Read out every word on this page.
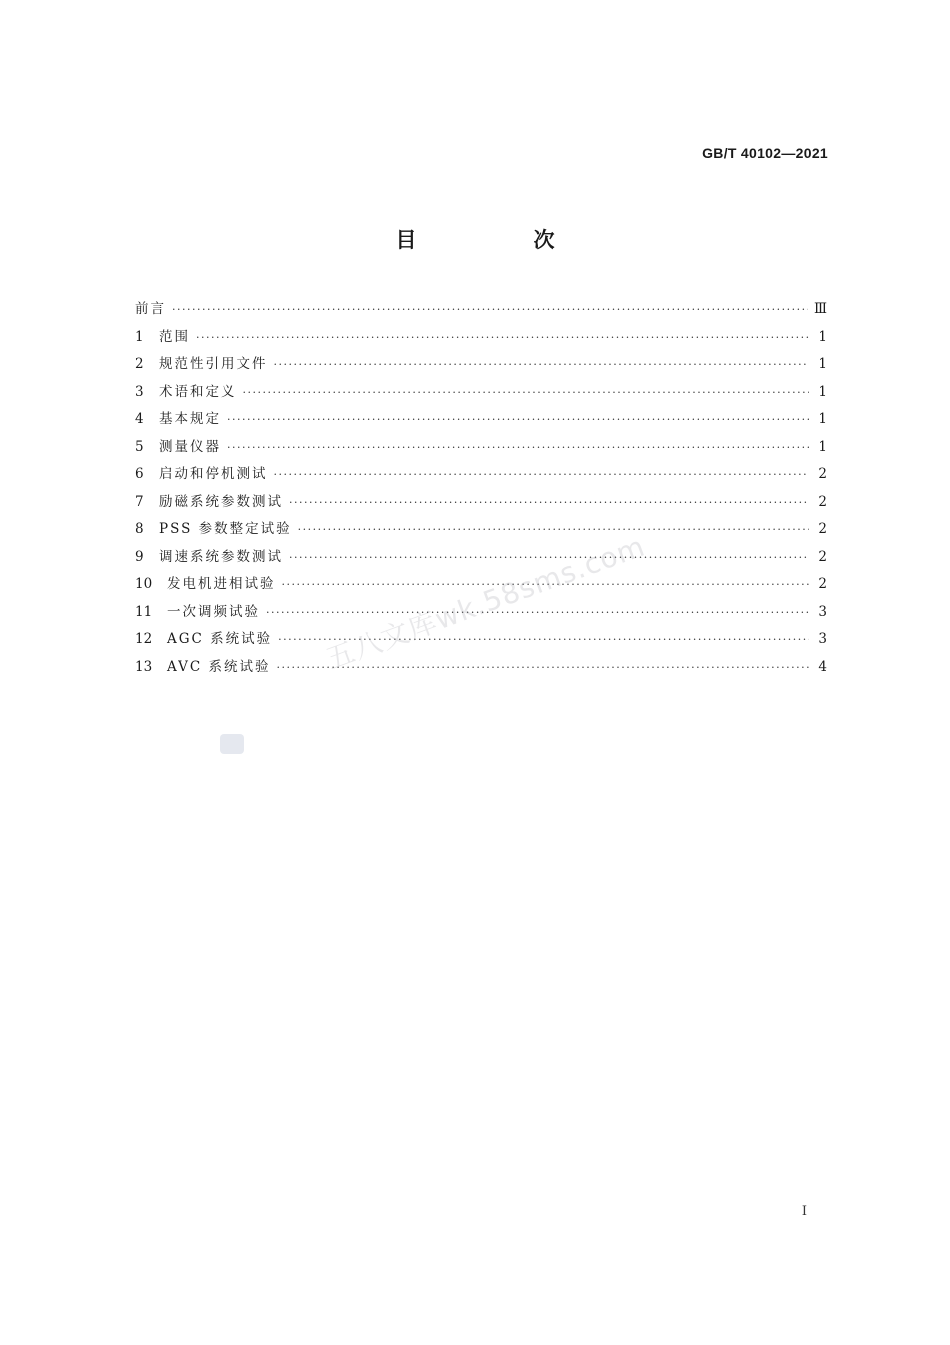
GB/T 40102—2021
目　次
前言 ·····	Ⅲ
1	范围 ·····	1
2	规范性引用文件 ·····	1
3	术语和定义 ·····	1
4	基本规定 ·····	1
5	测量仪器 ·····	1
6	启动和停机测试 ·····	2
7	励磁系统参数测试 ·····	2
8	PSS 参数整定试验 ·····	2
9	调速系统参数测试 ·····	2
10	发电机进相试验 ·····	2
11	一次调频试验 ·····	3
12	AGC 系统试验 ·····	3
13	AVC 系统试验 ·····	4
五八文库wk.58sms.com
I
